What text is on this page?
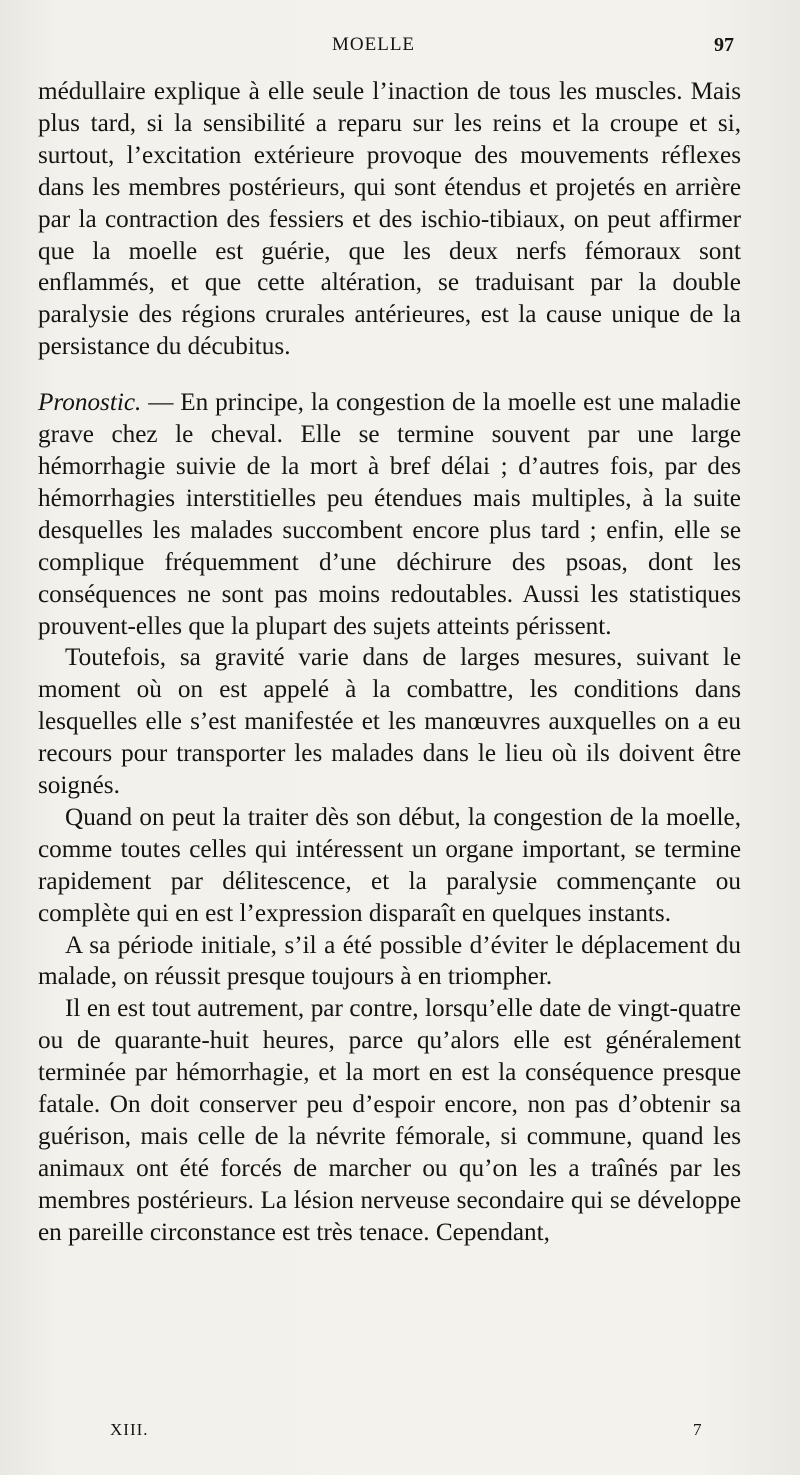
MOELLE	97

médullaire explique à elle seule l’inaction de tous les muscles. Mais plus tard, si la sensibilité a reparu sur les reins et la croupe et si, surtout, l’excitation extérieure provoque des mouvements réflexes dans les membres postérieurs, qui sont étendus et projetés en arrière par la contraction des fessiers et des ischio-tibiaux, on peut affirmer que la moelle est guérie, que les deux nerfs fémoraux sont enflammés, et que cette altération, se traduisant par la double paralysie des régions crurales antérieures, est la cause unique de la persistance du décubitus.

Pronostic. — En principe, la congestion de la moelle est une maladie grave chez le cheval. Elle se termine souvent par une large hémorrhagie suivie de la mort à bref délai ; d’autres fois, par des hémorrhagies interstitielles peu étendues mais multiples, à la suite desquelles les malades succombent encore plus tard ; enfin, elle se complique fréquemment d’une déchirure des psoas, dont les conséquences ne sont pas moins redoutables. Aussi les statistiques prouvent-elles que la plupart des sujets atteints périssent.

Toutefois, sa gravité varie dans de larges mesures, suivant le moment où on est appelé à la combattre, les conditions dans lesquelles elle s’est manifestée et les manœuvres auxquelles on a eu recours pour transporter les malades dans le lieu où ils doivent être soignés.

Quand on peut la traiter dès son début, la congestion de la moelle, comme toutes celles qui intéressent un organe important, se termine rapidement par délitescence, et la paralysie commençante ou complète qui en est l’expression disparaît en quelques instants.

A sa période initiale, s’il a été possible d’éviter le déplacement du malade, on réussit presque toujours à en triompher.

Il en est tout autrement, par contre, lorsqu’elle date de vingt-quatre ou de quarante-huit heures, parce qu’alors elle est généralement terminée par hémorrhagie, et la mort en est la conséquence presque fatale. On doit conserver peu d’espoir encore, non pas d’obtenir sa guérison, mais celle de la névrite fémorale, si commune, quand les animaux ont été forcés de marcher ou qu’on les a traînés par les membres postérieurs. La lésion nerveuse secondaire qui se développe en pareille circonstance est très tenace. Cependant,

XIII.	7
